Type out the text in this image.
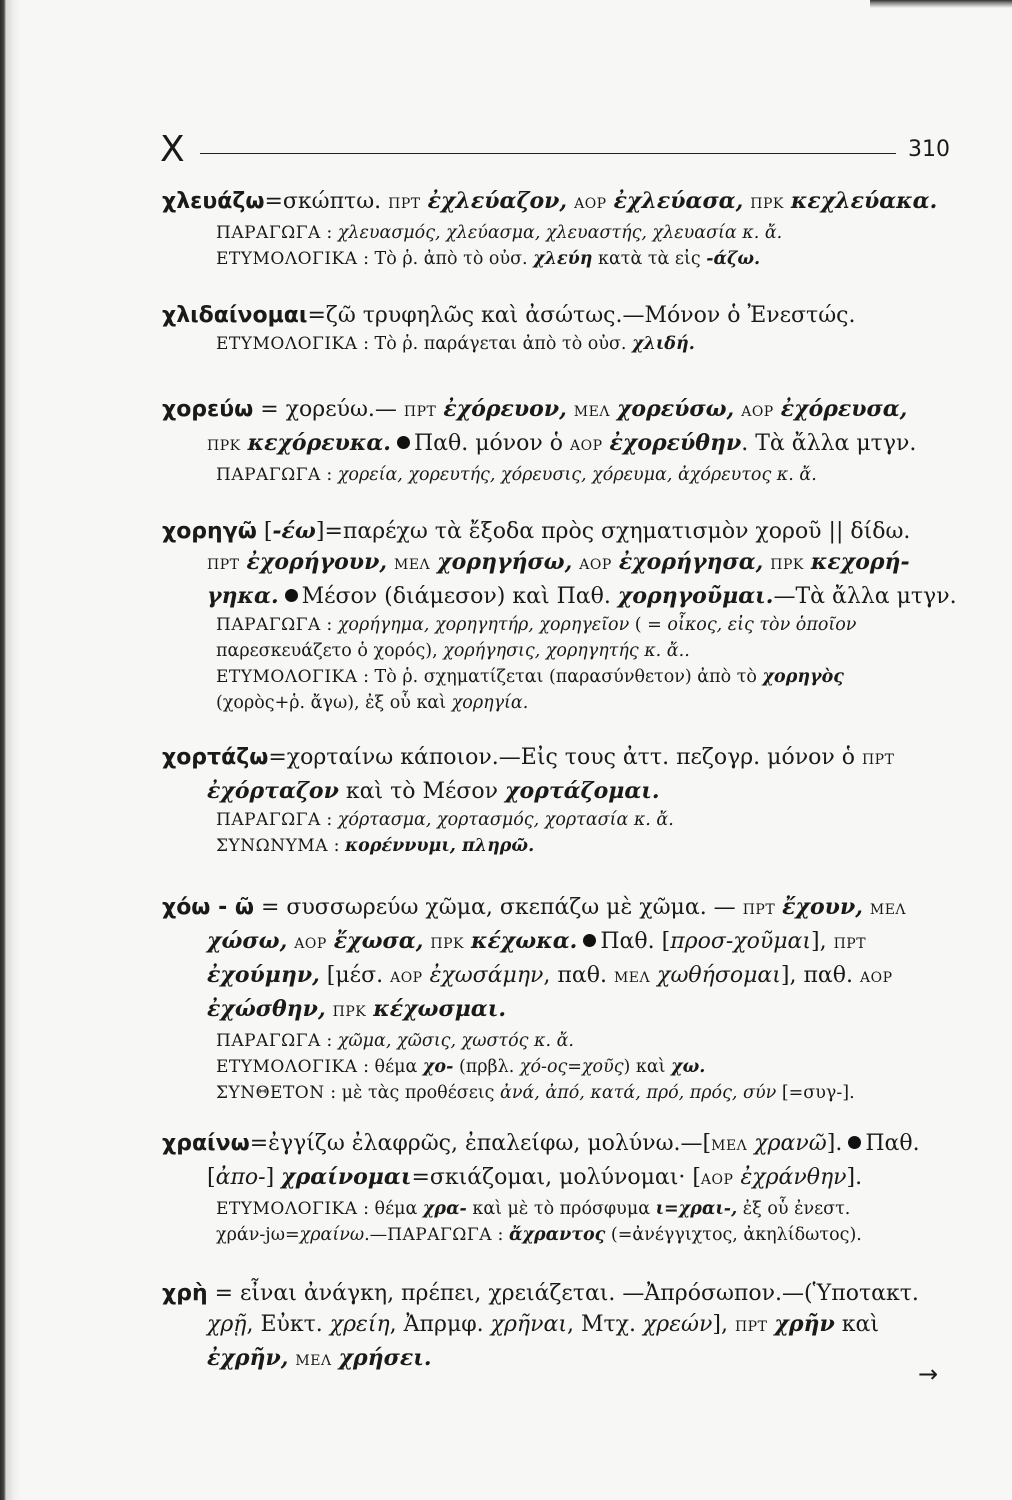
Χ	310
χλευάζω=σκώπτω. ΠΡΤ ἐχλεύαζον, ΑΟΡ ἐχλεύασα, ΠΡΚ κεχλεύακα.
ΠΑΡΑΓΩΓΑ : χλευασμός, χλεύασμα, χλευαστής, χλευασία κ. ἄ.
ΕΤΥΜΟΛΟΓΙΚΑ : Τὸ ῥ. ἀπὸ τὸ οὐσ. χλεύη κατὰ τὰ εἰς -άζω.
χλιδαίνομαι=ζῶ τρυφηλῶς καὶ ἀσώτως.—Μόνον ὁ Ἐνεστώς.
ΕΤΥΜΟΛΟΓΙΚΑ : Τὸ ῥ. παράγεται ἀπὸ τὸ οὐσ. χλιδή.
χορεύω = χορεύω.— ΠΡΤ ἐχόρευον, ΜΕΛ χορεύσω, ΑΟΡ ἐχόρευσα,
ΠΡΚ κεχόρευκα. Παθ. μόνον ὁ ΑΟΡ ἐχορεύθην. Τὰ ἄλλα μτγν.
ΠΑΡΑΓΩΓΑ : χορεία, χορευτής, χόρευσις, χόρευμα, ἀχόρευτος κ. ἄ.
χορηγῶ [-έω]=παρέχω τὰ ἔξοδα πρὸς σχηματισμὸν χοροῦ || δίδω.
ΠΡΤ ἐχορήγουν, ΜΕΛ χορηγήσω, ΑΟΡ ἐχορήγησα, ΠΡΚ κεχορή-
γηκα. Μέσον (διάμεσον) καὶ Παθ. χορηγοῦμαι.—Τὰ ἄλλα μτγν.
ΠΑΡΑΓΩΓΑ : χορήγημα, χορηγητήρ, χορηγεῖον ( = οἶκος, εἰς τὸν ὁποῖον
παρεσκευάζετο ὁ χορός), χορήγησις, χορηγητής κ. ἄ..
ΕΤΥΜΟΛΟΓΙΚΑ : Τὸ ῥ. σχηματίζεται (παρασύνθετον) ἀπὸ τὸ χορηγὸς
(χορὸς+ῥ. ἄγω), ἐξ οὗ καὶ χορηγία.
χορτάζω=χορταίνω κάποιον.—Εἰς τους ἀττ. πεζογρ. μόνον ὁ ΠΡΤ
ἐχόρταζον καὶ τὸ Μέσον χορτάζομαι.
ΠΑΡΑΓΩΓΑ : χόρτασμα, χορτασμός, χορτασία κ. ἄ.
ΣΥΝΩΝΥΜΑ : κορέννυμι, πληρῶ.
χόω - ῶ = συσσωρεύω χῶμα, σκεπάζω μὲ χῶμα. — ΠΡΤ ἔχουν, ΜΕΛ
χώσω, ΑΟΡ ἔχωσα, ΠΡΚ κέχωκα. Παθ. [προσ-χοῦμαι], ΠΡΤ
ἐχούμην, [μέσ. ΑΟΡ ἐχωσάμην, παθ. ΜΕΛ χωθήσομαι], παθ. ΑΟΡ
ἐχώσθην, ΠΡΚ κέχωσμαι.
ΠΑΡΑΓΩΓΑ : χῶμα, χῶσις, χωστός κ. ἄ.
ΕΤΥΜΟΛΟΓΙΚΑ : θέμα χο- (πρβλ. χό-ος=χοῦς) καὶ χω.
ΣΥΝΘΕΤΟΝ : μὲ τὰς προθέσεις ἀνά, ἀπό, κατά, πρό, πρός, σύν [=συγ-].
χραίνω=ἐγγίζω ἐλαφρῶς, ἐπαλείφω, μολύνω.—[ΜΕΛ χρανῶ]. Παθ.
[ἀπο-] χραίνομαι=σκιάζομαι, μολύνομαι· [ΑΟΡ ἐχράνθην].
ΕΤΥΜΟΛΟΓΙΚΑ : θέμα χρα- καὶ μὲ τὸ πρόσφυμα ι=χραι-, ἐξ οὗ ἐνεστ.
χράν-jω=χραίνω.—ΠΑΡΑΓΩΓΑ : ἄχραντος (=ἀνέγγιχτος, ἀκηλίδωτος).
χρὴ = εἶναι ἀνάγκη, πρέπει, χρειάζεται. —Ἀπρόσωπον.—(Ὑποτακτ.
χρῇ, Εὐκτ. χρείη, Ἀπρμφ. χρῆναι, Μτχ. χρεών], ΠΡΤ χρῆν καὶ
ἐχρῆν, ΜΕΛ χρήσει.
→
